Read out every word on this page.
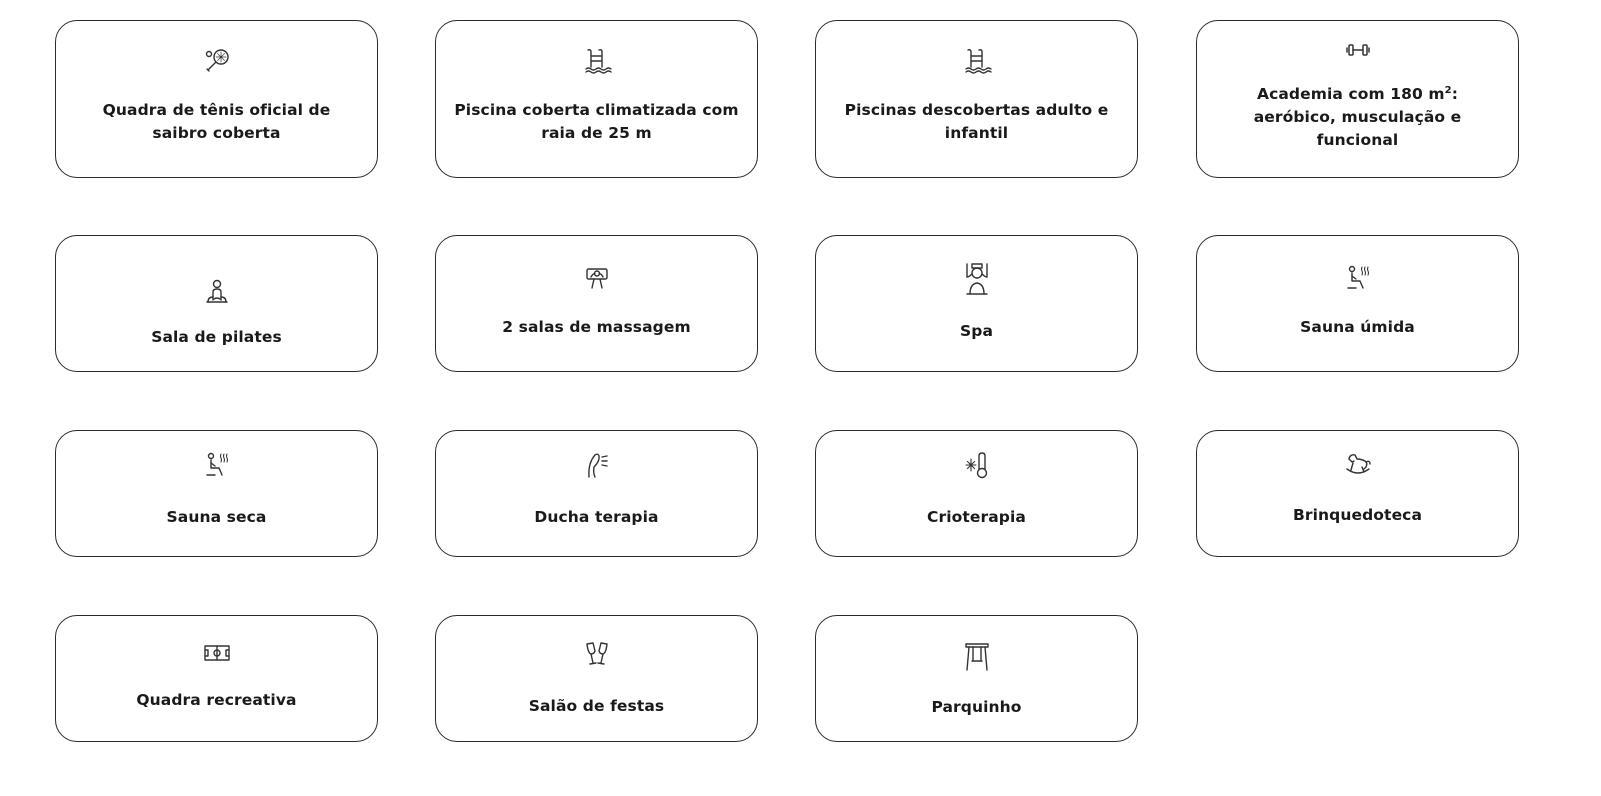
Quadra de tênis oficial de saibro coberta
Piscina coberta climatizada com raia de 25 m
Piscinas descobertas adulto e infantil
Academia com 180 $m^2$: aeróbico, musculação e funcional
Sala de pilates
2 salas de massagem	Spa	Sauna úmida
Sauna seca	Ducha terapia	Crioterapia	Brinquedoteca
Quadra recreativa	Salão de festas	Parquinho
